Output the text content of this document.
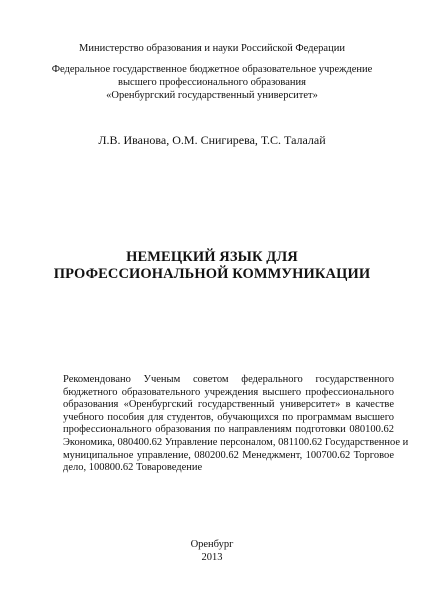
Министерство образования и науки Российской Федерации
Федеральное государственное бюджетное образовательное учреждение
высшего профессионального образования
«Оренбургский государственный университет»
Л.В. Иванова, О.М. Снигирева, Т.С. Талалай
НЕМЕЦКИЙ ЯЗЫК ДЛЯ
ПРОФЕССИОНАЛЬНОЙ КОММУНИКАЦИИ
Рекомендовано Ученым советом федерального государственного
бюджетного образовательного учреждения высшего профессионального
образования «Оренбургский государственный университет» в качестве
учебного пособия для студентов, обучающихся по программам высшего
профессионального образования по направлениям подготовки 080100.62
Экономика, 080400.62 Управление персоналом, 081100.62 Государственное и
муниципальное управление, 080200.62 Менеджмент, 100700.62 Торговое
дело, 100800.62 Товароведение
Оренбург
2013
